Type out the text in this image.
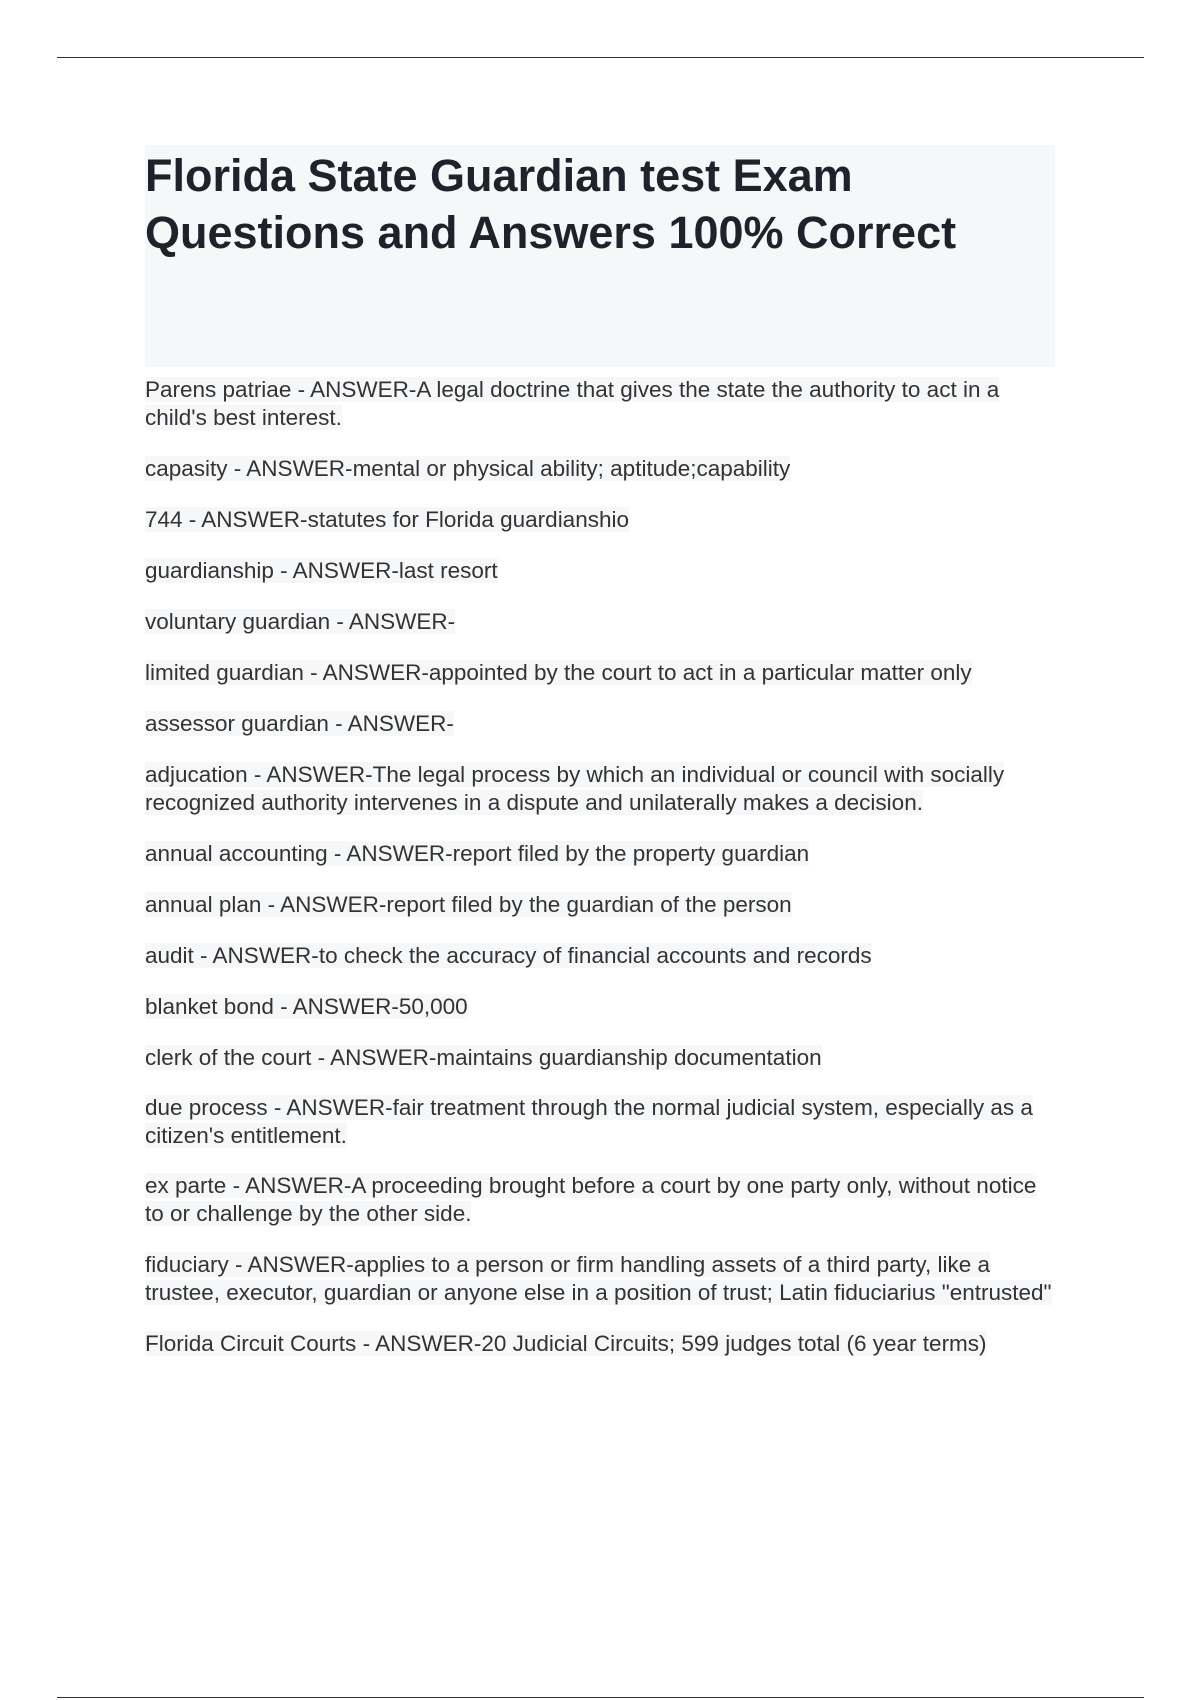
Florida State Guardian test Exam Questions and Answers 100% Correct
Parens patriae - ANSWER-A legal doctrine that gives the state the authority to act in a child's best interest.
capasity - ANSWER-mental or physical ability; aptitude;capability
744 - ANSWER-statutes for Florida guardianshio
guardianship - ANSWER-last resort
voluntary guardian - ANSWER-
limited guardian - ANSWER-appointed by the court to act in a particular matter only
assessor guardian - ANSWER-
adjucation - ANSWER-The legal process by which an individual or council with socially recognized authority intervenes in a dispute and unilaterally makes a decision.
annual accounting - ANSWER-report filed by the property guardian
annual plan - ANSWER-report filed by the guardian of the person
audit - ANSWER-to check the accuracy of financial accounts and records
blanket bond - ANSWER-50,000
clerk of the court - ANSWER-maintains guardianship documentation
due process - ANSWER-fair treatment through the normal judicial system, especially as a citizen's entitlement.
ex parte - ANSWER-A proceeding brought before a court by one party only, without notice to or challenge by the other side.
fiduciary - ANSWER-applies to a person or firm handling assets of a third party, like a trustee, executor, guardian or anyone else in a position of trust; Latin fiduciarius "entrusted"
Florida Circuit Courts - ANSWER-20 Judicial Circuits; 599 judges total (6 year terms)
